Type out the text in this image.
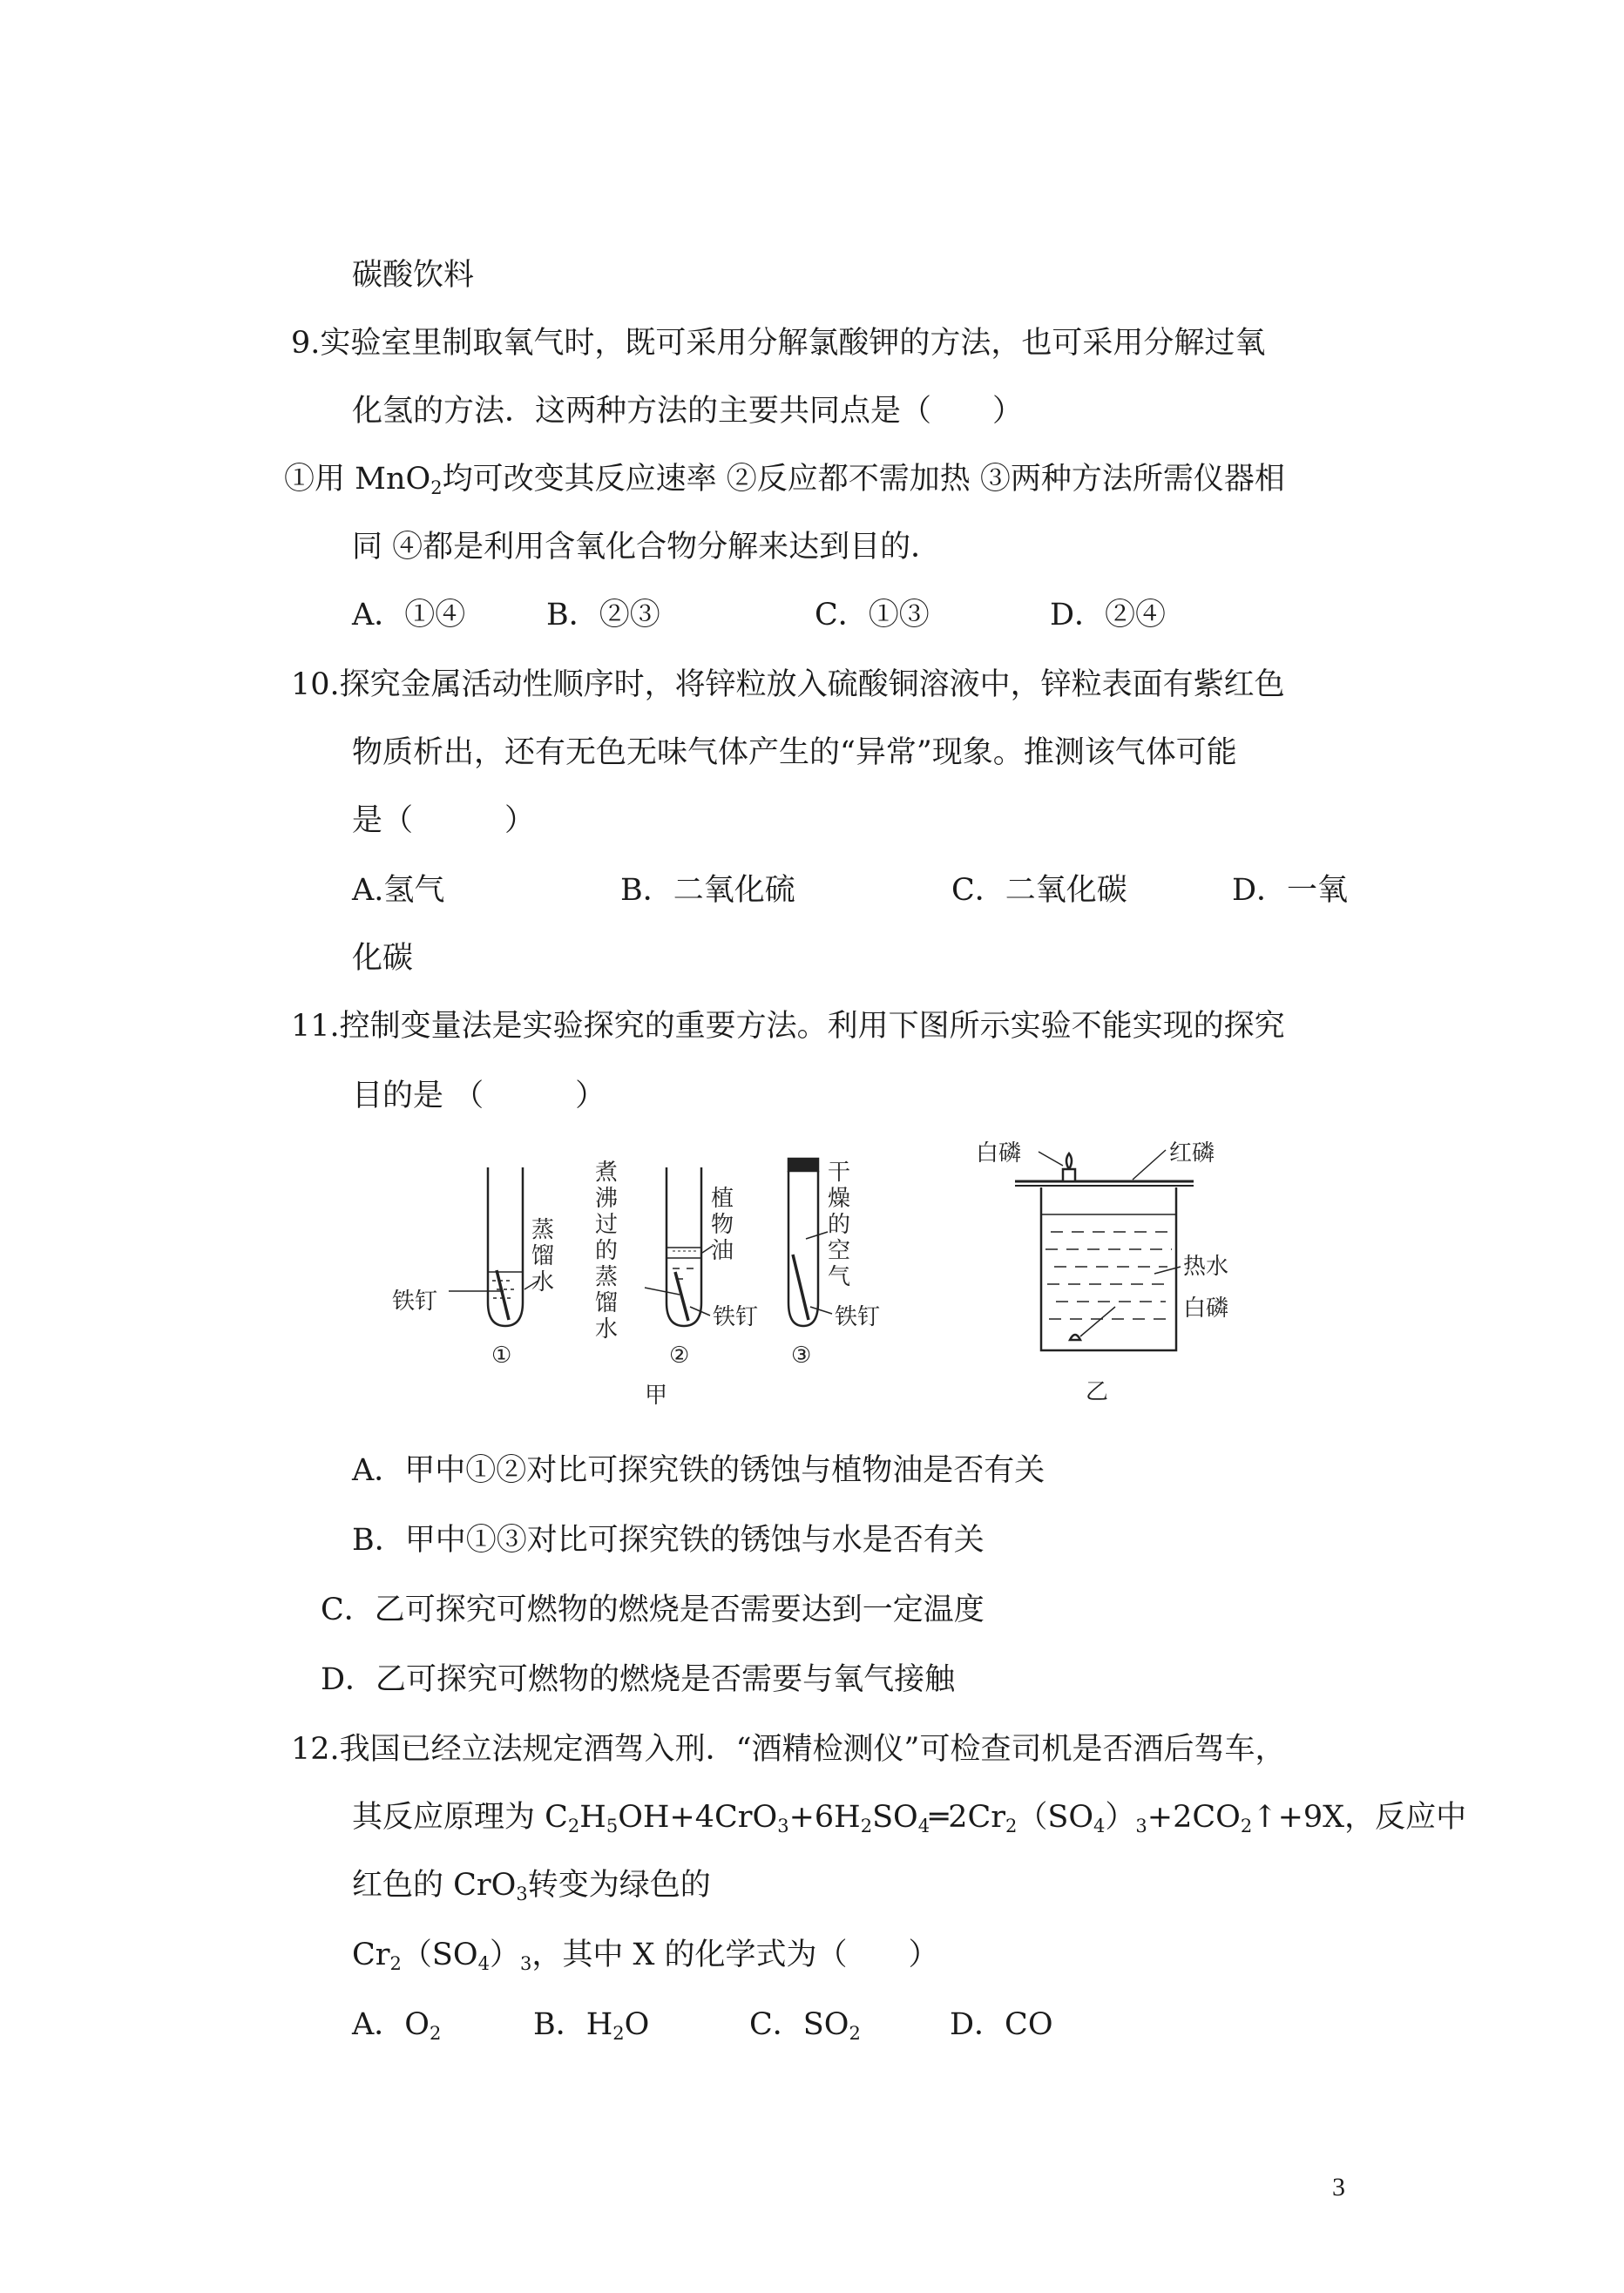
碳酸饮料
9.实验室里制取氧气时，既可采用分解氯酸钾的方法，也可采用分解过氧
化氢的方法．这两种方法的主要共同点是（　　）
①用 MnO$_2$均可改变其反应速率 ②反应都不需加热 ③两种方法所需仪器相
同 ④都是利用含氧化合物分解来达到目的．
A．①④	B．②③	C．①③	D．②④
10.探究金属活动性顺序时，将锌粒放入硫酸铜溶液中，锌粒表面有紫红色
物质析出，还有无色无味气体产生的“异常”现象。推测该气体可能
是（　　　）
A.氢气	B．二氧化硫	C．二氧化碳	D．一氧
化碳
11.控制变量法是实验探究的重要方法。利用下图所示实验不能实现的探究
目的是 （　　　）
铁钉
蒸
馏
水
①
煮
沸
过
的
蒸
馏
水
植
物
油
铁钉
②
甲
干
燥
的
空
气
铁钉
③
白磷	红磷
热水
白磷
乙
A．甲中①②对比可探究铁的锈蚀与植物油是否有关
B．甲中①③对比可探究铁的锈蚀与水是否有关
C．乙可探究可燃物的燃烧是否需要达到一定温度
D．乙可探究可燃物的燃烧是否需要与氧气接触
12.我国已经立法规定酒驾入刑．“酒精检测仪”可检查司机是否酒后驾车，
其反应原理为 $C_2H_5OH+4CrO_3+6H_2SO_4═2Cr_2(SO_4)_3+2CO_2↑+9X$，反应中
红色的 CrO$_3$转变为绿色的
$Cr_2(SO_4)_3$，其中 X 的化学式为（　　）
A．$O_2$	B．$H_2O$	C．$SO_2$	D．CO
3
